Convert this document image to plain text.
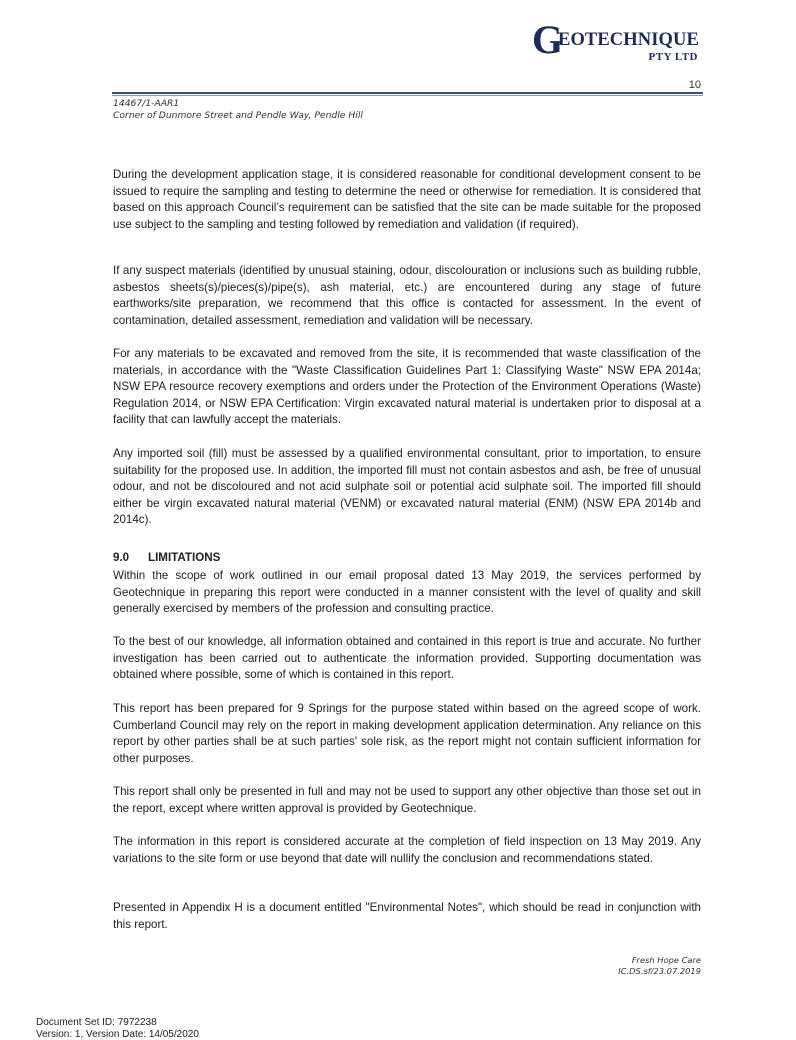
G
EOTECHNIQUE
PTY LTD
10
14467/1-AAR1
Corner of Dunmore Street and Pendle Way, Pendle Hill

During the development application stage, it is considered reasonable for conditional development consent to be issued to require the sampling and testing to determine the need or otherwise for remediation. It is considered that based on this approach Council’s requirement can be satisfied that the site can be made suitable for the proposed use subject to the sampling and testing followed by remediation and validation (if required).

If any suspect materials (identified by unusual staining, odour, discolouration or inclusions such as building rubble, asbestos sheets(s)/pieces(s)/pipe(s), ash material, etc.) are encountered during any stage of future earthworks/site preparation, we recommend that this office is contacted for assessment. In the event of contamination, detailed assessment, remediation and validation will be necessary.

For any materials to be excavated and removed from the site, it is recommended that waste classification of the materials, in accordance with the "Waste Classification Guidelines Part 1: Classifying Waste" NSW EPA 2014a; NSW EPA resource recovery exemptions and orders under the Protection of the Environment Operations (Waste) Regulation 2014, or NSW EPA Certification: Virgin excavated natural material is undertaken prior to disposal at a facility that can lawfully accept the materials.

Any imported soil (fill) must be assessed by a qualified environmental consultant, prior to importation, to ensure suitability for the proposed use. In addition, the imported fill must not contain asbestos and ash, be free of unusual odour, and not be discoloured and not acid sulphate soil or potential acid sulphate soil. The imported fill should either be virgin excavated natural material (VENM) or excavated natural material (ENM) (NSW EPA 2014b and 2014c).

9.0 LIMITATIONS

Within the scope of work outlined in our email proposal dated 13 May 2019, the services performed by Geotechnique in preparing this report were conducted in a manner consistent with the level of quality and skill generally exercised by members of the profession and consulting practice.

To the best of our knowledge, all information obtained and contained in this report is true and accurate. No further investigation has been carried out to authenticate the information provided. Supporting documentation was obtained where possible, some of which is contained in this report.

This report has been prepared for 9 Springs for the purpose stated within based on the agreed scope of work. Cumberland Council may rely on the report in making development application determination. Any reliance on this report by other parties shall be at such parties' sole risk, as the report might not contain sufficient information for other purposes.

This report shall only be presented in full and may not be used to support any other objective than those set out in the report, except where written approval is provided by Geotechnique.

The information in this report is considered accurate at the completion of field inspection on 13 May 2019. Any variations to the site form or use beyond that date will nullify the conclusion and recommendations stated.

Presented in Appendix H is a document entitled "Environmental Notes", which should be read in conjunction with this report.

Fresh Hope Care
IC.DS.sf/23.07.2019
Document Set ID: 7972238
Version: 1, Version Date: 14/05/2020
